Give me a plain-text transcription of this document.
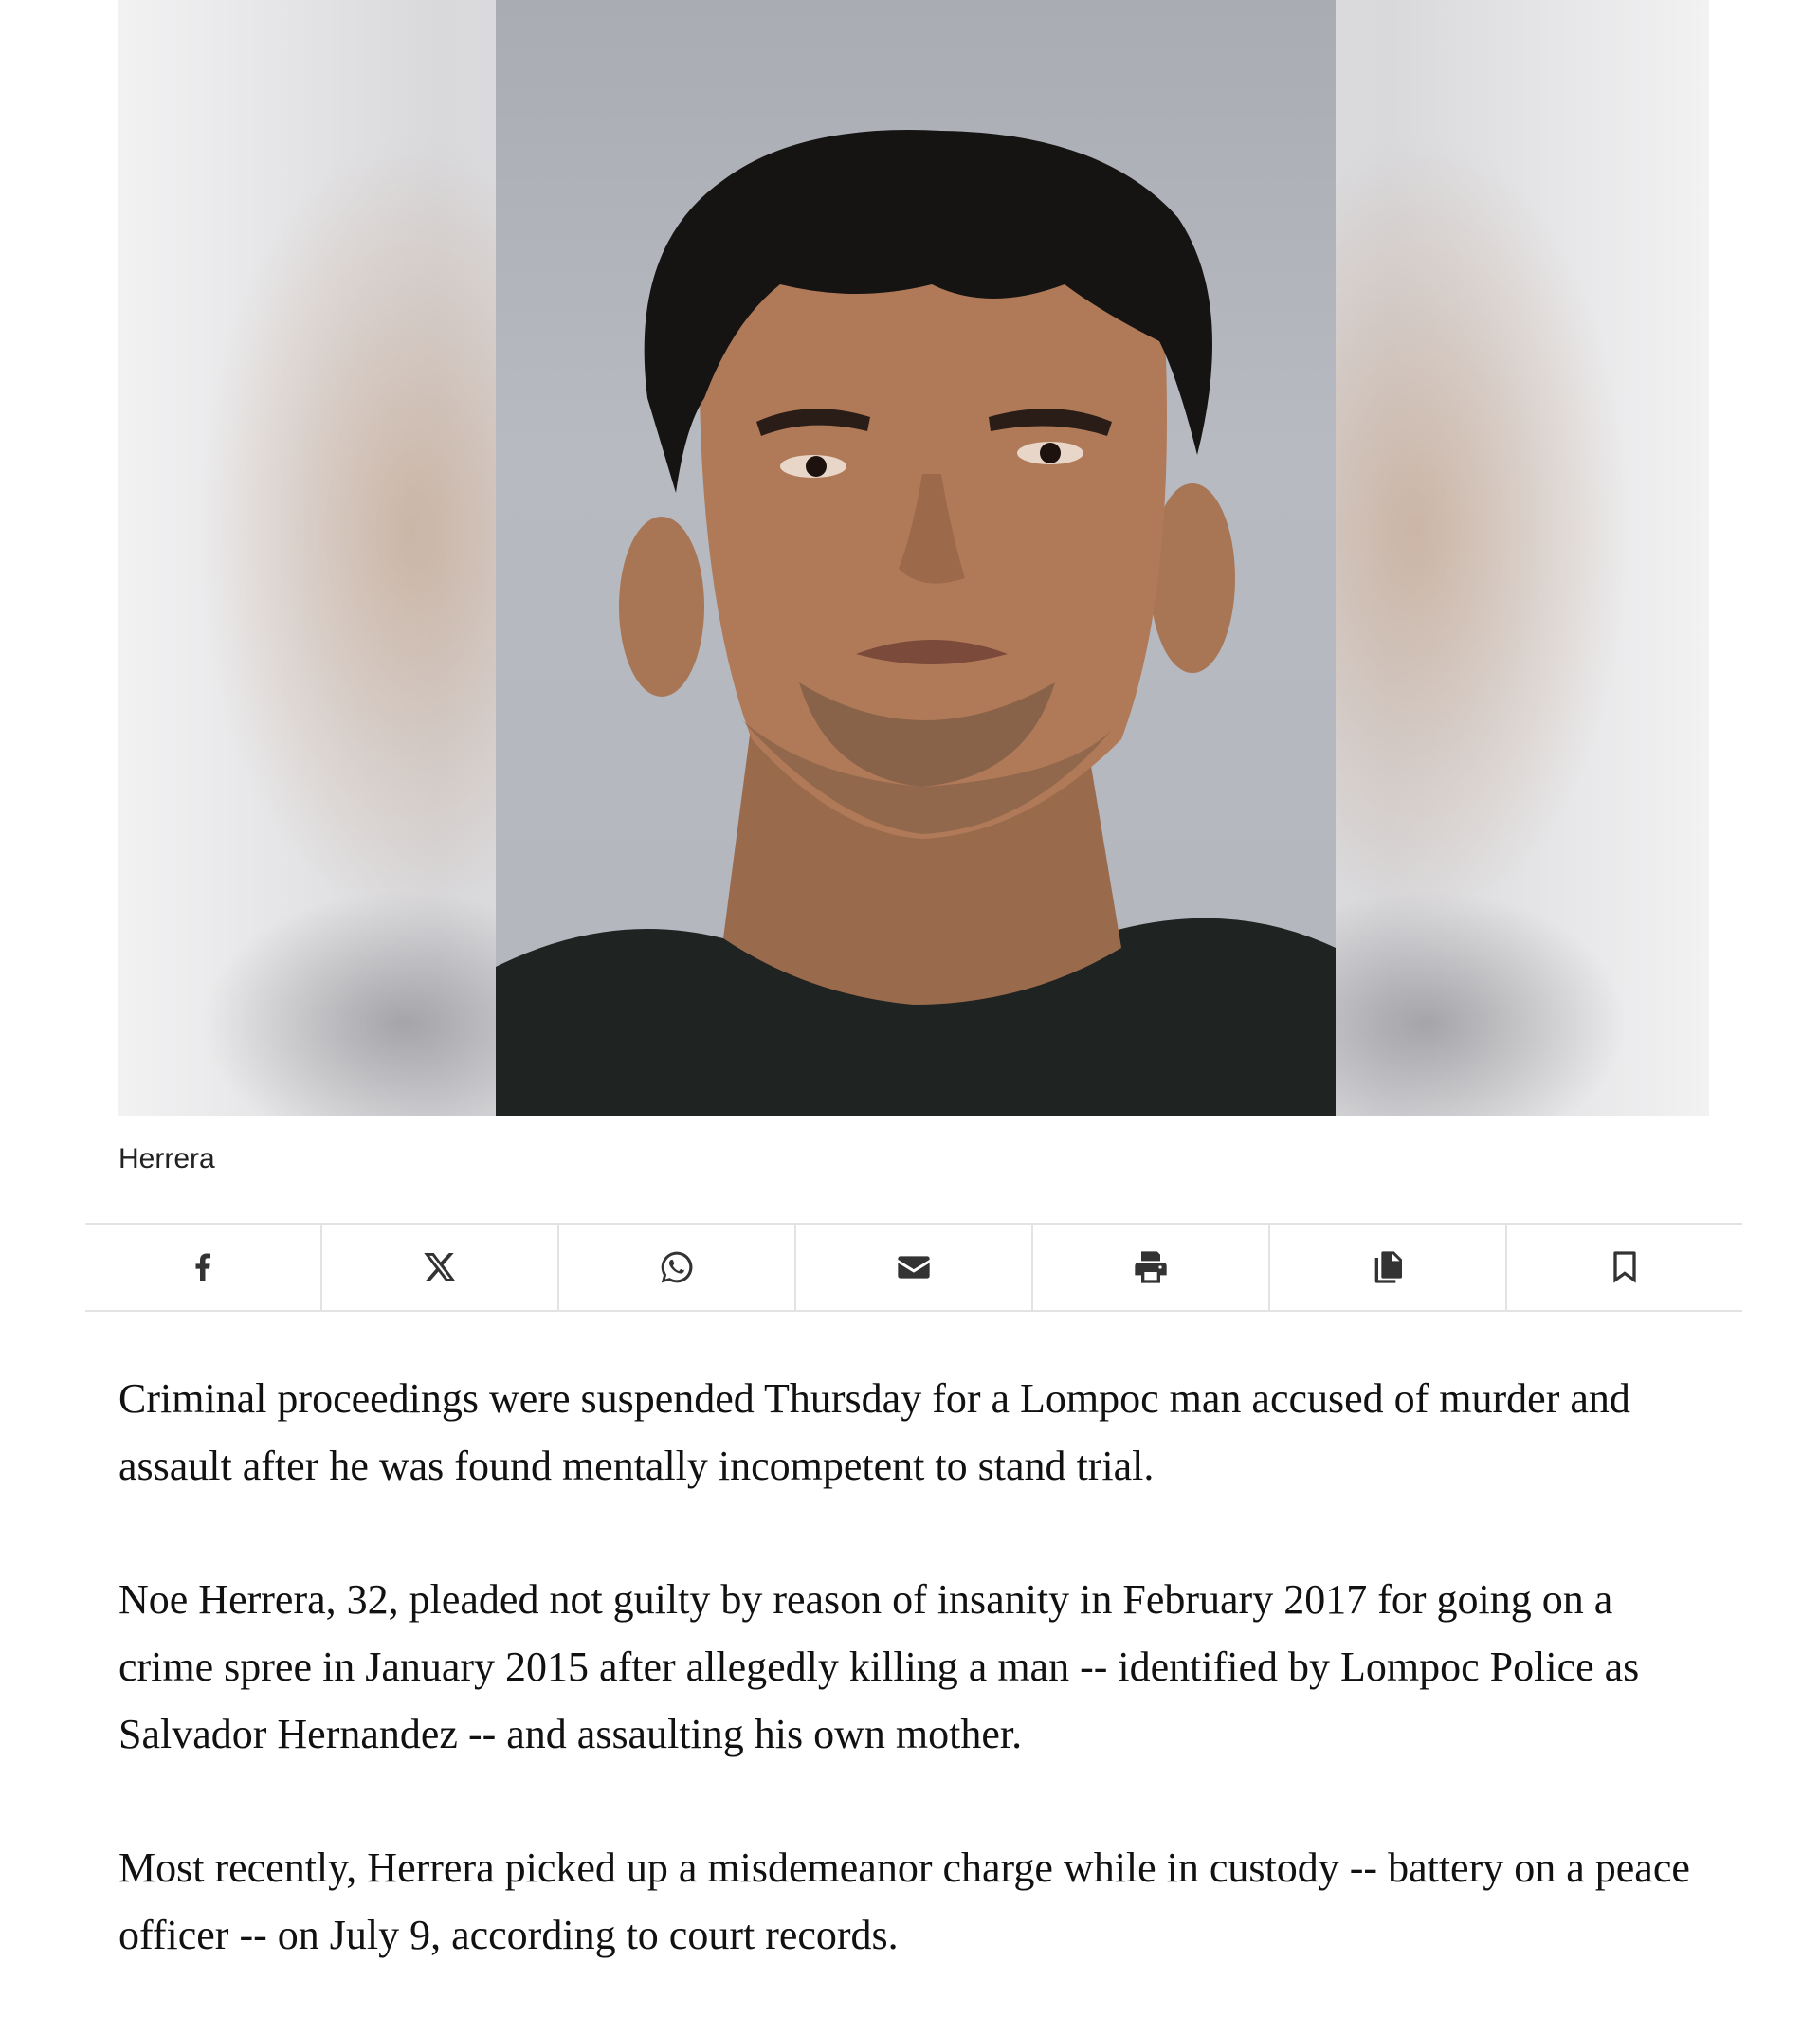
Herrera

Criminal proceedings were suspended Thursday for a Lompoc man accused of murder and assault after he was found mentally incompetent to stand trial.

Noe Herrera, 32, pleaded not guilty by reason of insanity in February 2017 for going on a crime spree in January 2015 after allegedly killing a man -- identified by Lompoc Police as Salvador Hernandez -- and assaulting his own mother.

Most recently, Herrera picked up a misdemeanor charge while in custody -- battery on a peace officer -- on July 9, according to court records.
